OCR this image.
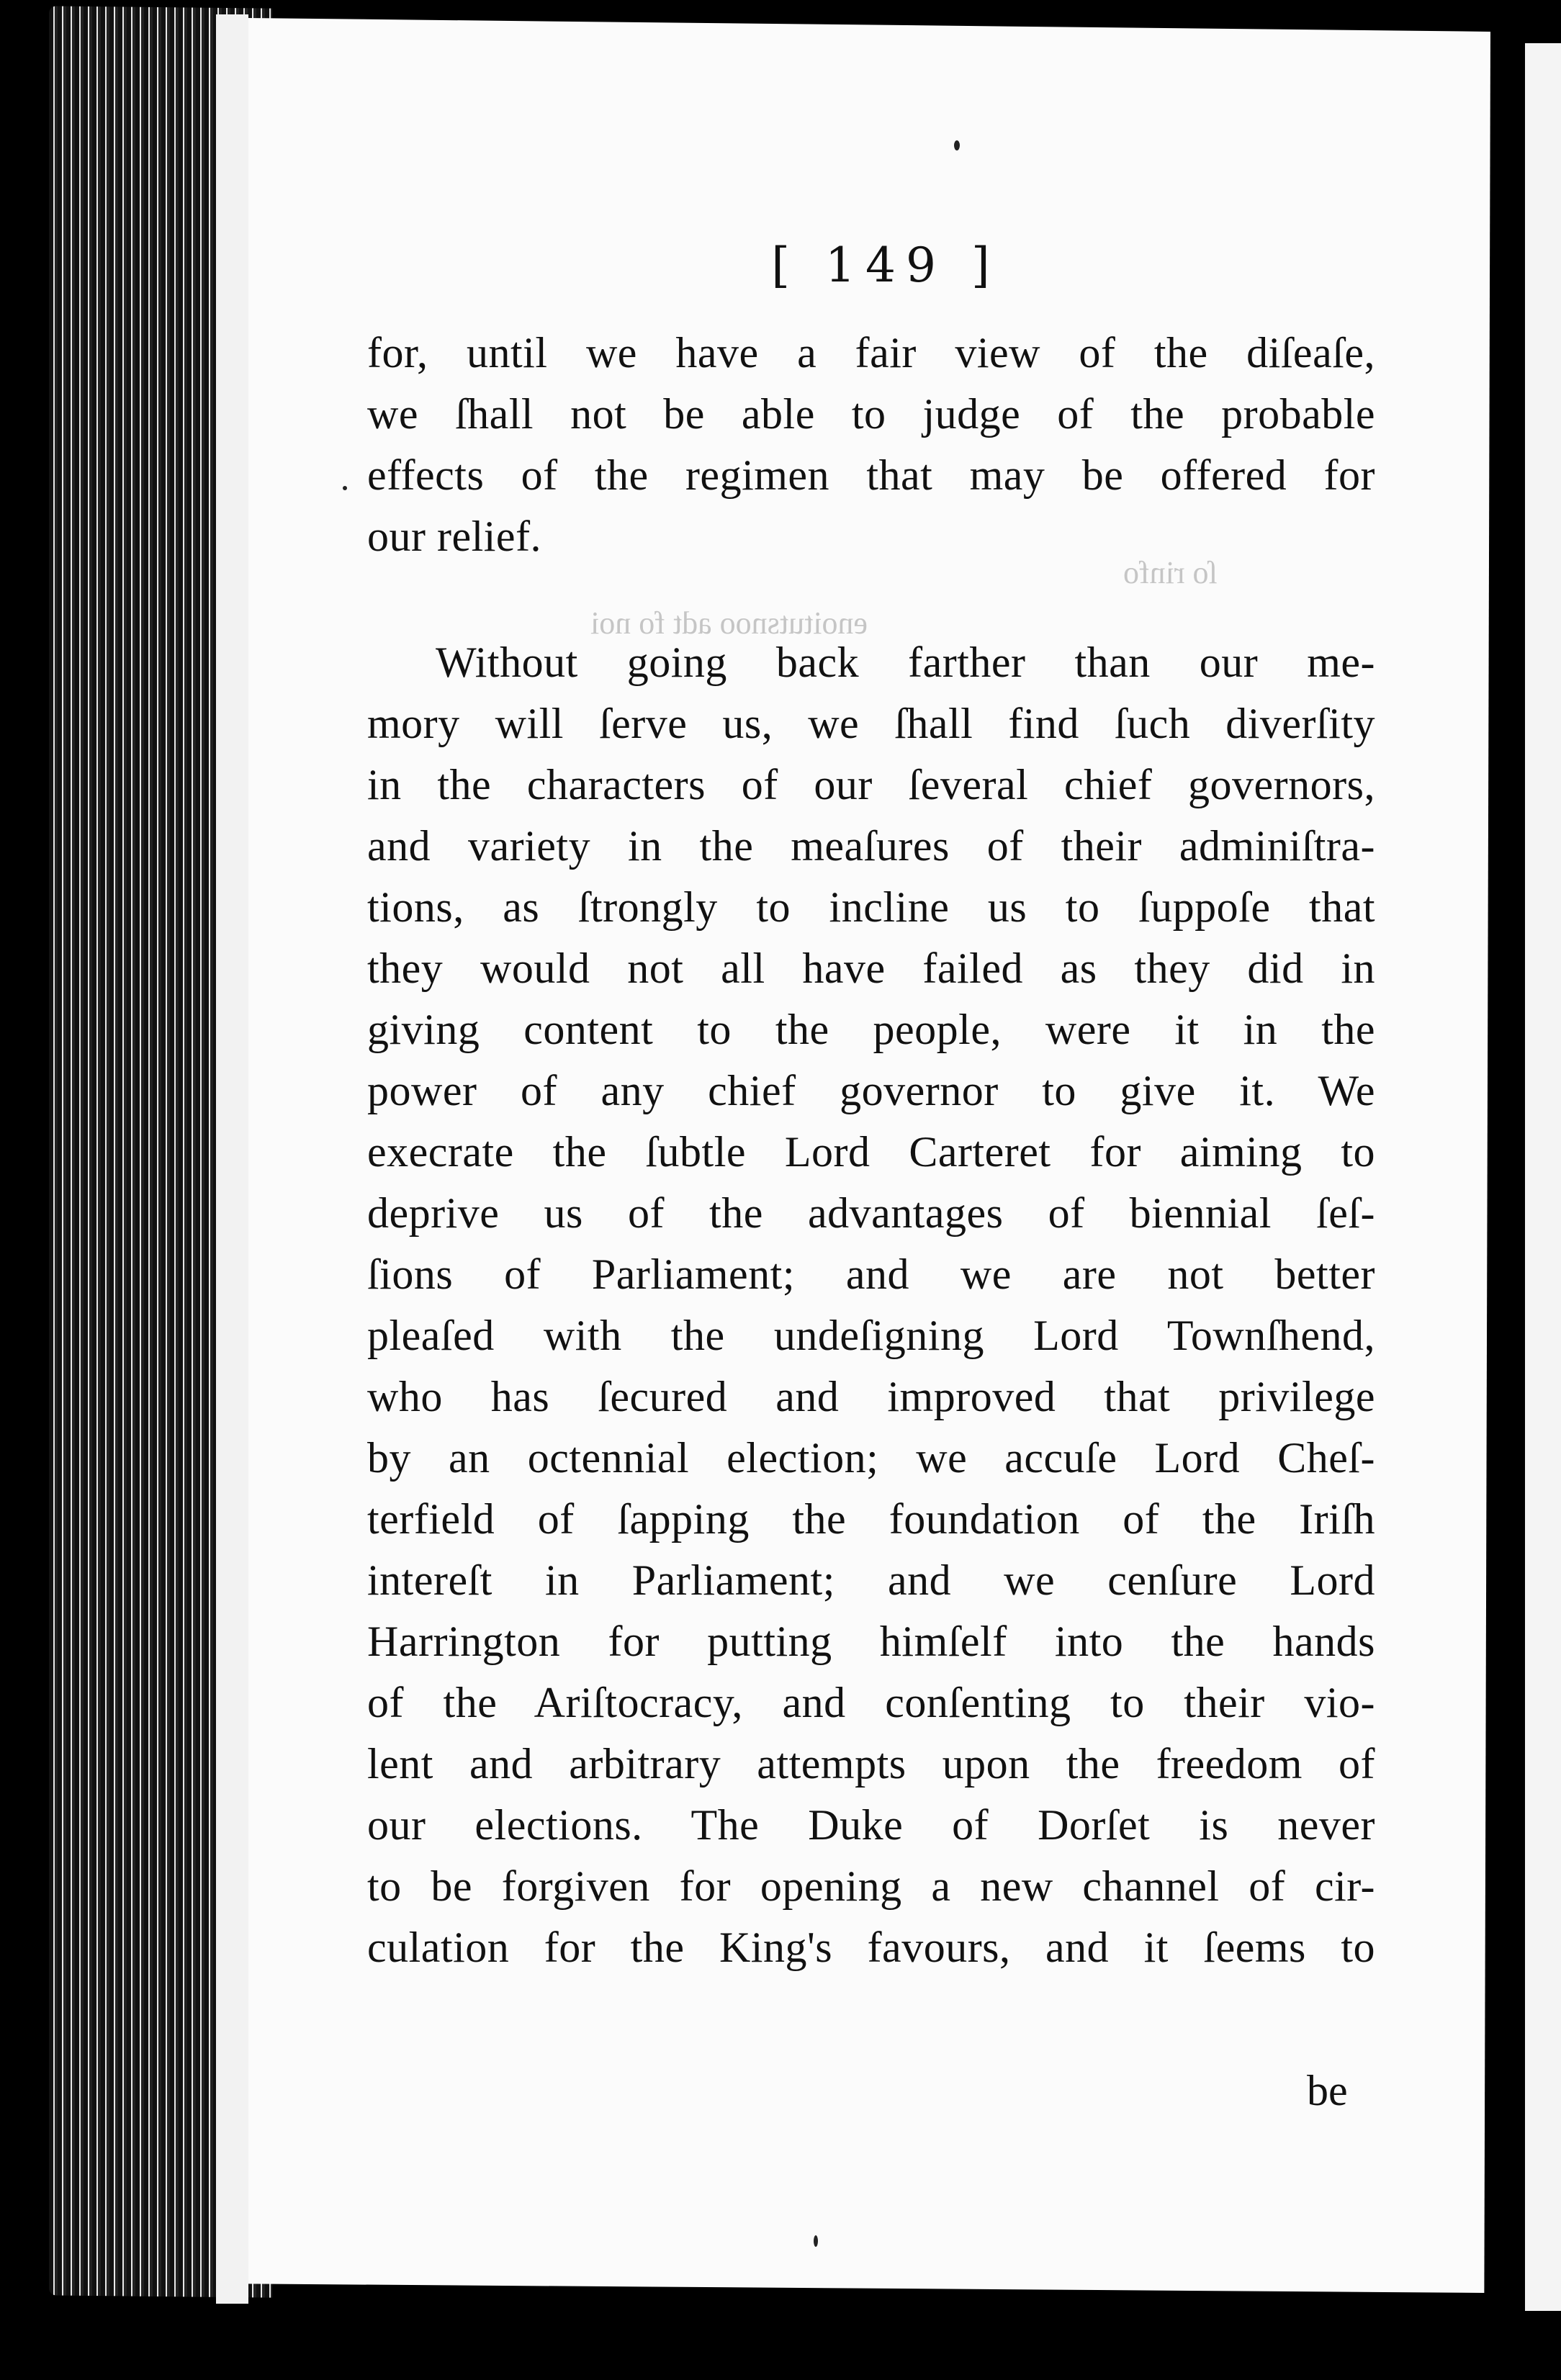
ſo rinfo
enoitutsnoo adt fo noi
[ 149 ]
for, until we have a fair view of the diſeaſe,
we ſhall not be able to judge of the probable
effects of the regimen that may be offered for
our relief.
Without going back farther than our me-
mory will ſerve us, we ſhall find ſuch diverſity
in the characters of our ſeveral chief governors,
and variety in the meaſures of their adminiſtra-
tions, as ſtrongly to incline us to ſuppoſe that
they would not all have failed as they did in
giving content to the people, were it in the
power of any chief governor to give it. We
execrate the ſubtle Lord Carteret for aiming to
deprive us of the advantages of biennial ſeſ-
ſions of Parliament; and we are not better
pleaſed with the undeſigning Lord Townſhend,
who has ſecured and improved that privilege
by an octennial election; we accuſe Lord Cheſ-
terfield of ſapping the foundation of the Iriſh
intereſt in Parliament; and we cenſure Lord
Harrington for putting himſelf into the hands
of the Ariſtocracy, and conſenting to their vio-
lent and arbitrary attempts upon the freedom of
our elections. The Duke of Dorſet is never
to be forgiven for opening a new channel of cir-
culation for the King's favours, and it ſeems to
be
